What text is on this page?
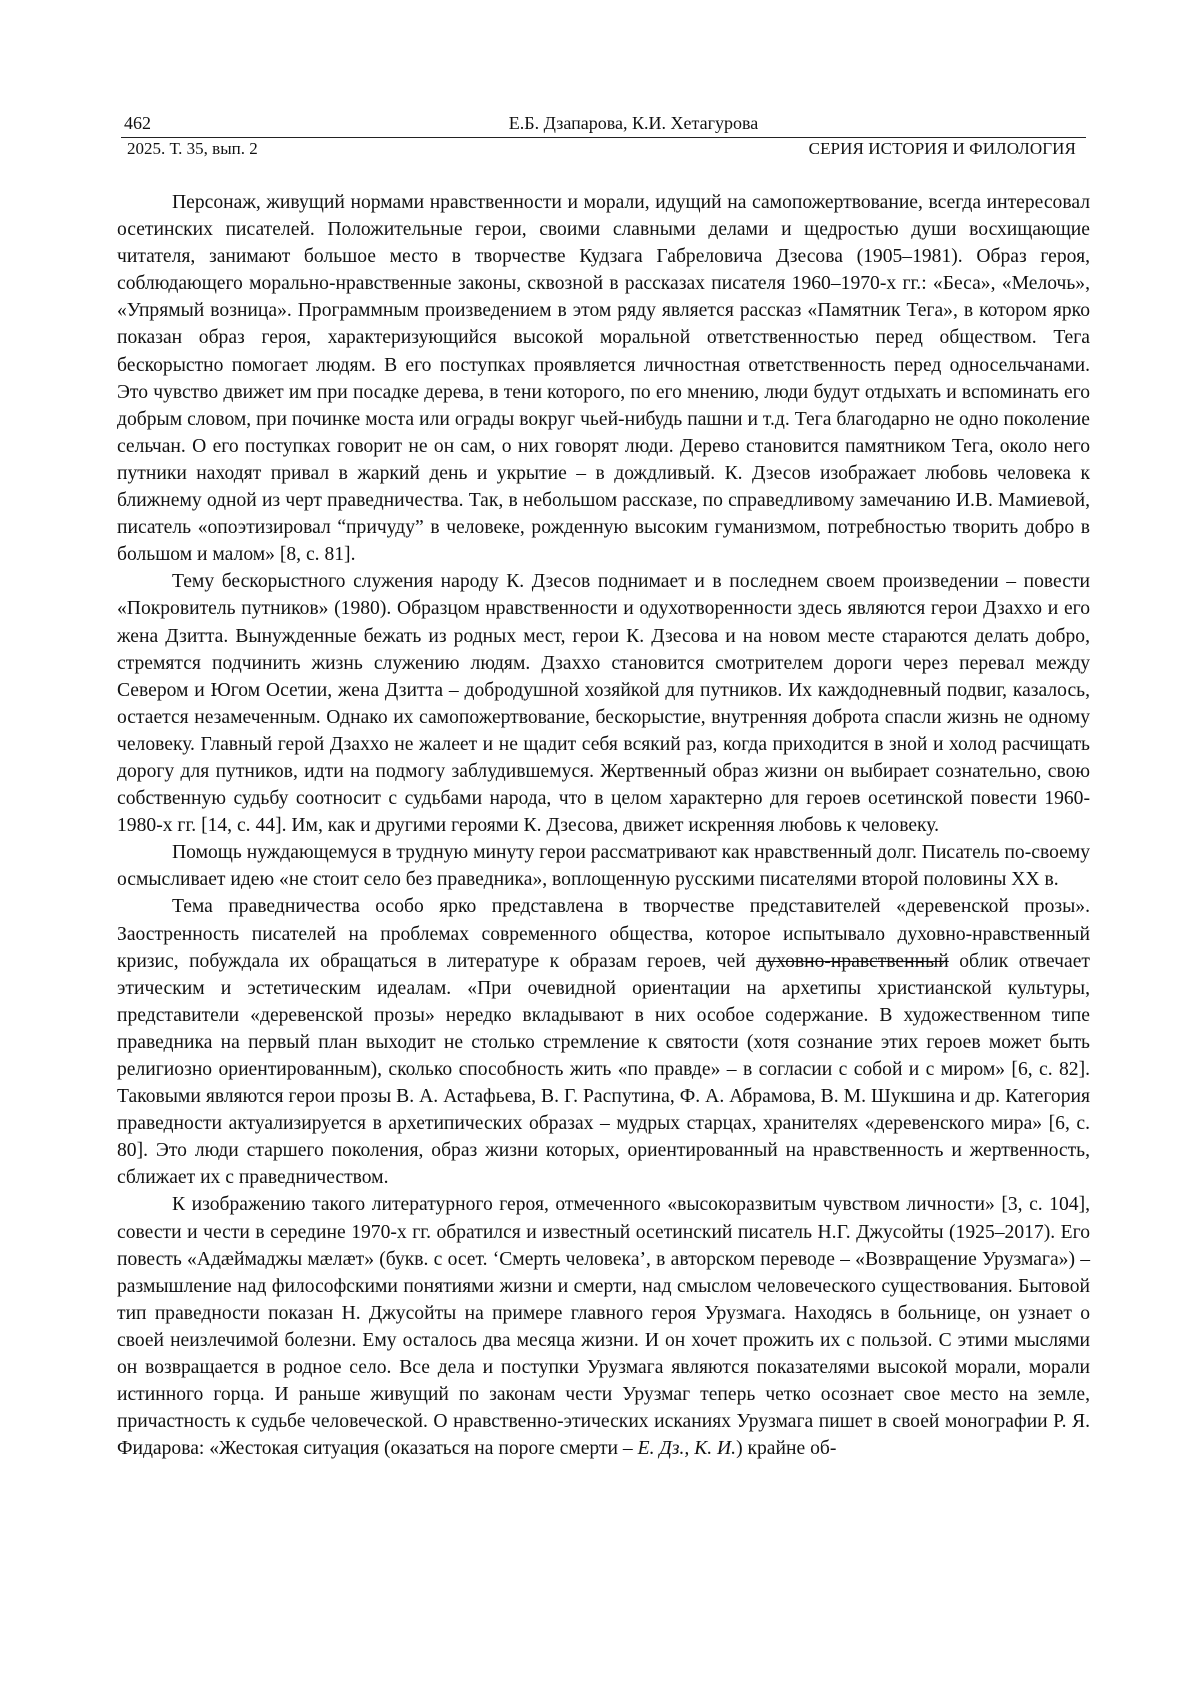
462	Е.Б. Дзапарова, К.И. Хетагурова
2025. Т. 35, вып. 2	СЕРИЯ ИСТОРИЯ И ФИЛОЛОГИЯ

Персонаж, живущий нормами нравственности и морали, идущий на самопожертвование, всегда интересовал осетинских писателей. Положительные герои, своими славными делами и щедростью души восхищающие читателя, занимают большое место в творчестве Кудзага Габреловича Дзесова (1905–1981). Образ героя, соблюдающего морально-нравственные законы, сквозной в рассказах писателя 1960–1970-х гг.: «Беса», «Мелочь», «Упрямый возница». Программным произведением в этом ряду является рассказ «Памятник Тега», в котором ярко показан образ героя, характеризующийся высокой моральной ответственностью перед обществом. Тега бескорыстно помогает людям. В его поступках проявляется личностная ответственность перед односельчанами. Это чувство движет им при посадке дерева, в тени которого, по его мнению, люди будут отдыхать и вспоминать его добрым словом, при починке моста или ограды вокруг чьей-нибудь пашни и т.д. Тега благодарно не одно поколение сельчан. О его поступках говорит не он сам, о них говорят люди. Дерево становится памятником Тега, около него путники находят привал в жаркий день и укрытие – в дождливый. К. Дзесов изображает любовь человека к ближнему одной из черт праведничества. Так, в небольшом рассказе, по справедливому замечанию И.В. Мамиевой, писатель «опоэтизировал “причуду” в человеке, рожденную высоким гуманизмом, потребностью творить добро в большом и малом» [8, с. 81].

Тему бескорыстного служения народу К. Дзесов поднимает и в последнем своем произведении – повести «Покровитель путников» (1980). Образцом нравственности и одухотворенности здесь являются герои Дзаххо и его жена Дзитта. Вынужденные бежать из родных мест, герои К. Дзесова и на новом месте стараются делать добро, стремятся подчинить жизнь служению людям. Дзаххо становится смотрителем дороги через перевал между Севером и Югом Осетии, жена Дзитта – добродушной хозяйкой для путников. Их каждодневный подвиг, казалось, остается незамеченным. Однако их самопожертвование, бескорыстие, внутренняя доброта спасли жизнь не одному человеку. Главный герой Дзаххо не жалеет и не щадит себя всякий раз, когда приходится в зной и холод расчищать дорогу для путников, идти на подмогу заблудившемуся. Жертвенный образ жизни он выбирает сознательно, свою собственную судьбу соотносит с судьбами народа, что в целом характерно для героев осетинской повести 1960-1980-х гг. [14, с. 44]. Им, как и другими героями К. Дзесова, движет искренняя любовь к человеку.

Помощь нуждающемуся в трудную минуту герои рассматривают как нравственный долг. Писатель по-своему осмысливает идею «не стоит село без праведника», воплощенную русскими писателями второй половины XX в.

Тема праведничества особо ярко представлена в творчестве представителей «деревенской прозы». Заостренность писателей на проблемах современного общества, которое испытывало духовно-нравственный кризис, побуждала их обращаться в литературе к образам героев, чей духовно-нравственный облик отвечает этическим и эстетическим идеалам. «При очевидной ориентации на архетипы христианской культуры, представители «деревенской прозы» нередко вкладывают в них особое содержание. В художественном типе праведника на первый план выходит не столько стремление к святости (хотя сознание этих героев может быть религиозно ориентированным), сколько способность жить «по правде» – в согласии с собой и с миром» [6, с. 82]. Таковыми являются герои прозы В. А. Астафьева, В. Г. Распутина, Ф. А. Абрамова, В. М. Шукшина и др. Категория праведности актуализируется в архетипических образах – мудрых старцах, хранителях «деревенского мира» [6, с. 80]. Это люди старшего поколения, образ жизни которых, ориентированный на нравственность и жертвенность, сближает их с праведничеством.

К изображению такого литературного героя, отмеченного «высокоразвитым чувством личности» [3, с. 104], совести и чести в середине 1970-х гг. обратился и известный осетинский писатель Н.Г. Джусойты (1925–2017). Его повесть «Адæймаджы мæлæт» (букв. с осет. ‘Смерть человека’, в авторском переводе – «Возвращение Урузмага») – размышление над философскими понятиями жизни и смерти, над смыслом человеческого существования. Бытовой тип праведности показан Н. Джусойты на примере главного героя Урузмага. Находясь в больнице, он узнает о своей неизлечимой болезни. Ему осталось два месяца жизни. И он хочет прожить их с пользой. С этими мыслями он возвращается в родное село. Все дела и поступки Урузмага являются показателями высокой морали, морали истинного горца. И раньше живущий по законам чести Урузмаг теперь четко осознает свое место на земле, причастность к судьбе человеческой. О нравственно-этических исканиях Урузмага пишет в своей монографии Р. Я. Фидарова: «Жестокая ситуация (оказаться на пороге смерти – Е. Дз., К. И.) крайне об-
